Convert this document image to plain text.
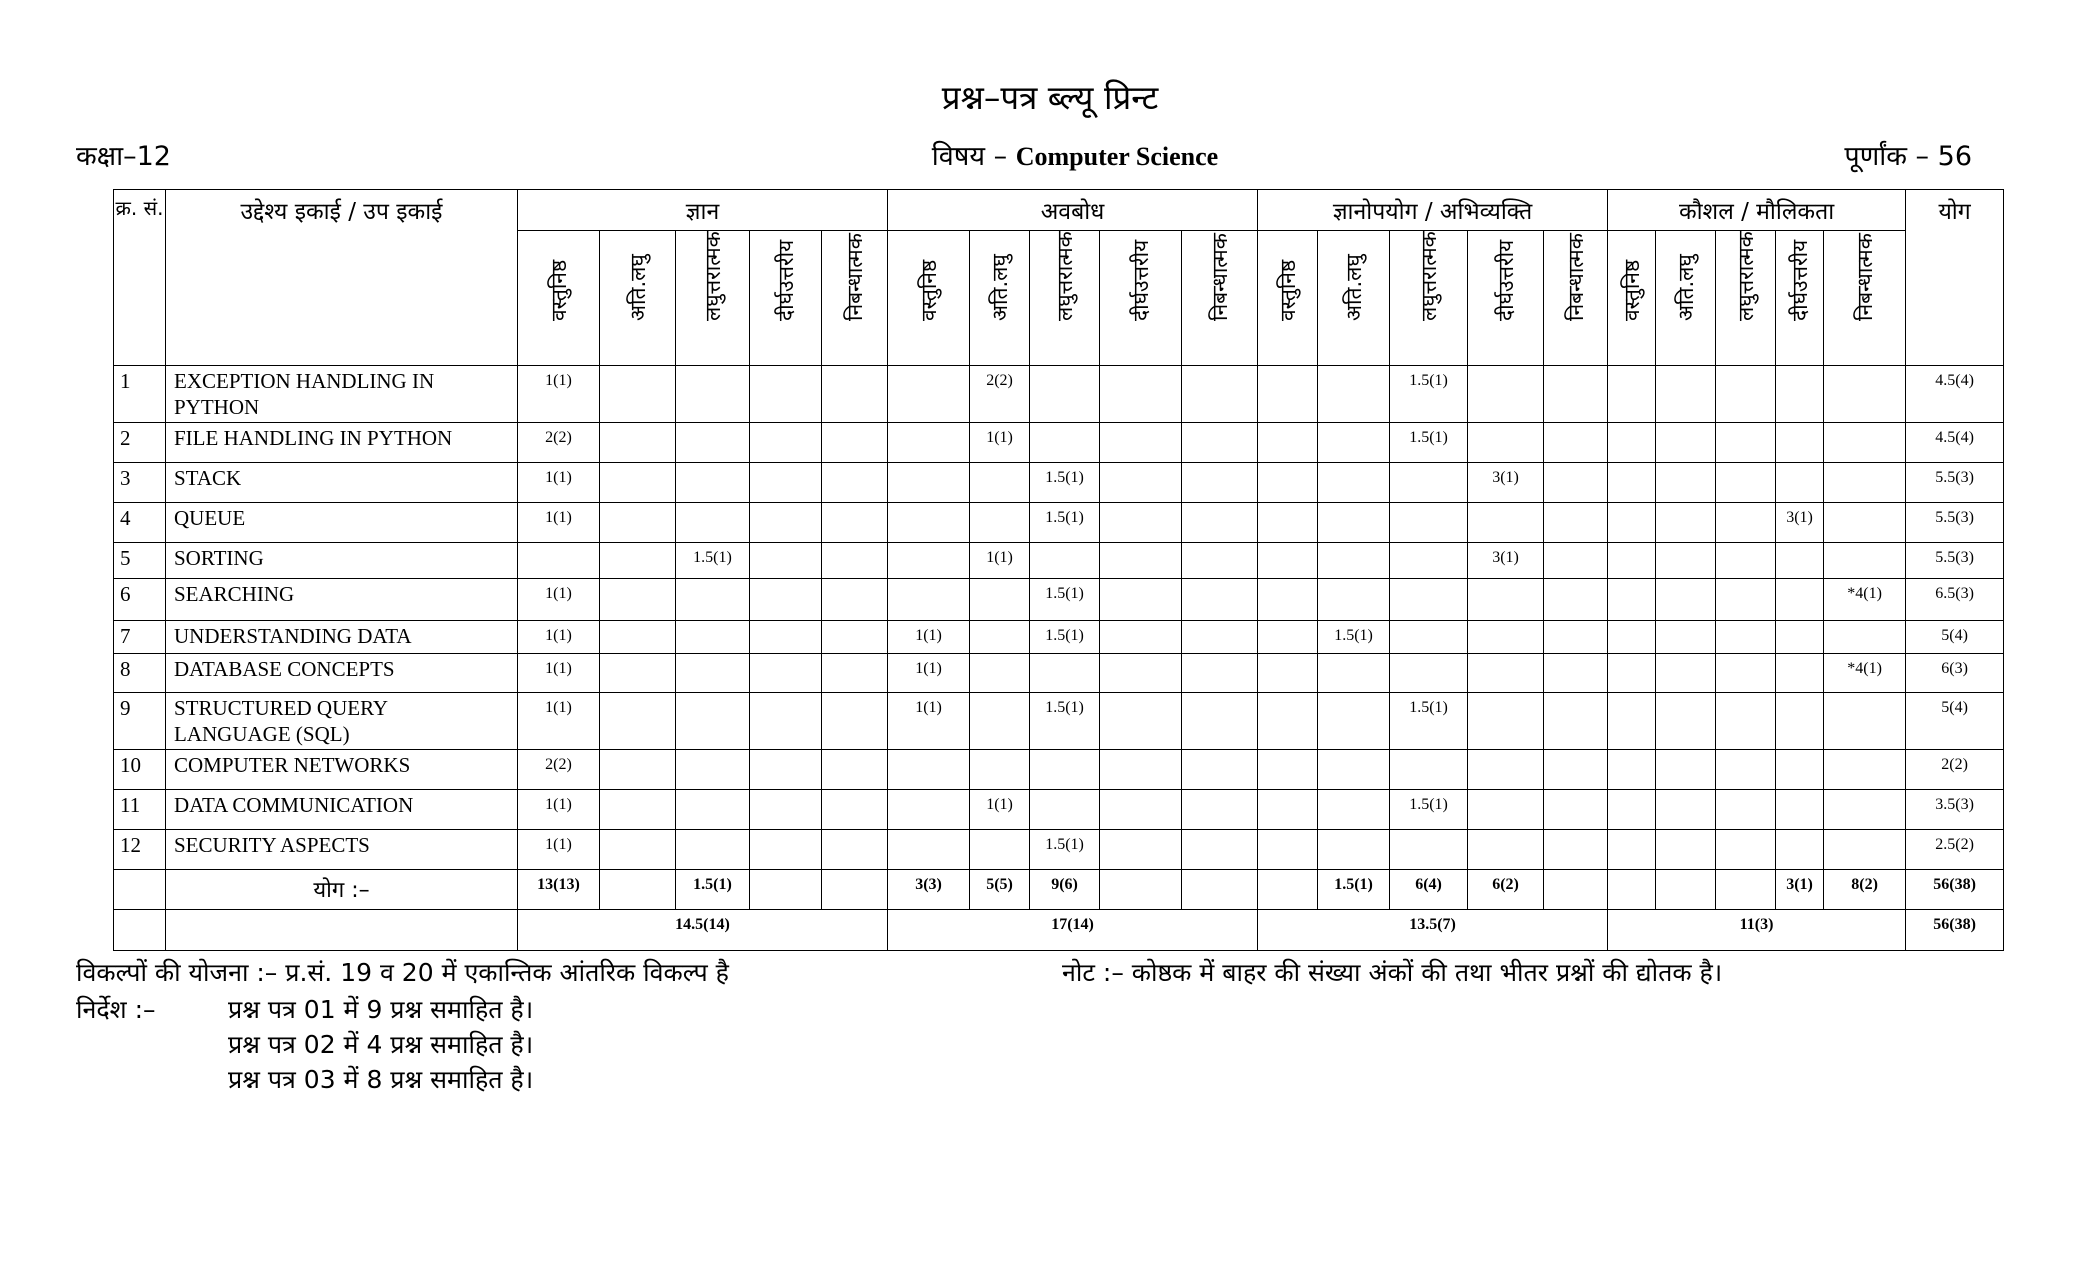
प्रश्न–पत्र ब्ल्यू प्रिन्ट
कक्षा–12	विषय – Computer Science	पूर्णांक – 56
क्र. सं.	उद्देश्य इकाई / उप इकाई	ज्ञान					अवबोध					ज्ञानोपयोग / अभिव्यक्ति					कौशल / मौलिकता					योग

		वस्तुनिष्ठ	अति.लघु	लघुत्तरात्मक	दीर्घउत्तरीय	निबन्धात्मक	वस्तुनिष्ठ	अति.लघु	लघुत्तरात्मक	दीर्घउत्तरीय	निबन्धात्मक	वस्तुनिष्ठ	अति.लघु	लघुत्तरात्मक	दीर्घउत्तरीय	निबन्धात्मक	वस्तुनिष्ठ	अति.लघु	लघुत्तरात्मक	दीर्घउत्तरीय	निबन्धात्मक	

1	EXCEPTION HANDLING IN PYTHON	1(1)						2(2)						1.5(1)								4.5(4)
2	FILE HANDLING IN PYTHON	2(2)						1(1)						1.5(1)								4.5(4)
3	STACK	1(1)							1.5(1)						3(1)							5.5(3)
4	QUEUE	1(1)							1.5(1)											3(1)		5.5(3)
5	SORTING			1.5(1)				1(1)							3(1)							5.5(3)
6	SEARCHING	1(1)							1.5(1)												*4(1)	6.5(3)
7	UNDERSTANDING DATA	1(1)					1(1)		1.5(1)				1.5(1)									5(4)
8	DATABASE CONCEPTS	1(1)					1(1)														*4(1)	6(3)
9	STRUCTURED QUERY LANGUAGE (SQL)	1(1)					1(1)		1.5(1)					1.5(1)								5(4)
10	COMPUTER NETWORKS	2(2)																				2(2)
11	DATA COMMUNICATION	1(1)						1(1)						1.5(1)								3.5(3)
12	SECURITY ASPECTS	1(1)							1.5(1)													2.5(2)
	योग :–	13(13)		1.5(1)			3(3)	5(5)	9(6)				1.5(1)	6(4)	6(2)					3(1)	8(2)	56(38)
		14.5(14)					17(14)					13.5(7)					11(3)					56(38)
विकल्पों की योजना :– प्र.सं. 19 व 20 में एकान्तिक आंतरिक विकल्प है	नोट :– कोष्ठक में बाहर की संख्या अंकों की तथा भीतर प्रश्नों की द्योतक है।
निर्देश :–	प्रश्न पत्र 01 में 9 प्रश्न समाहित है।
प्रश्न पत्र 02 में 4 प्रश्न समाहित है।
प्रश्न पत्र 03 में 8 प्रश्न समाहित है।
